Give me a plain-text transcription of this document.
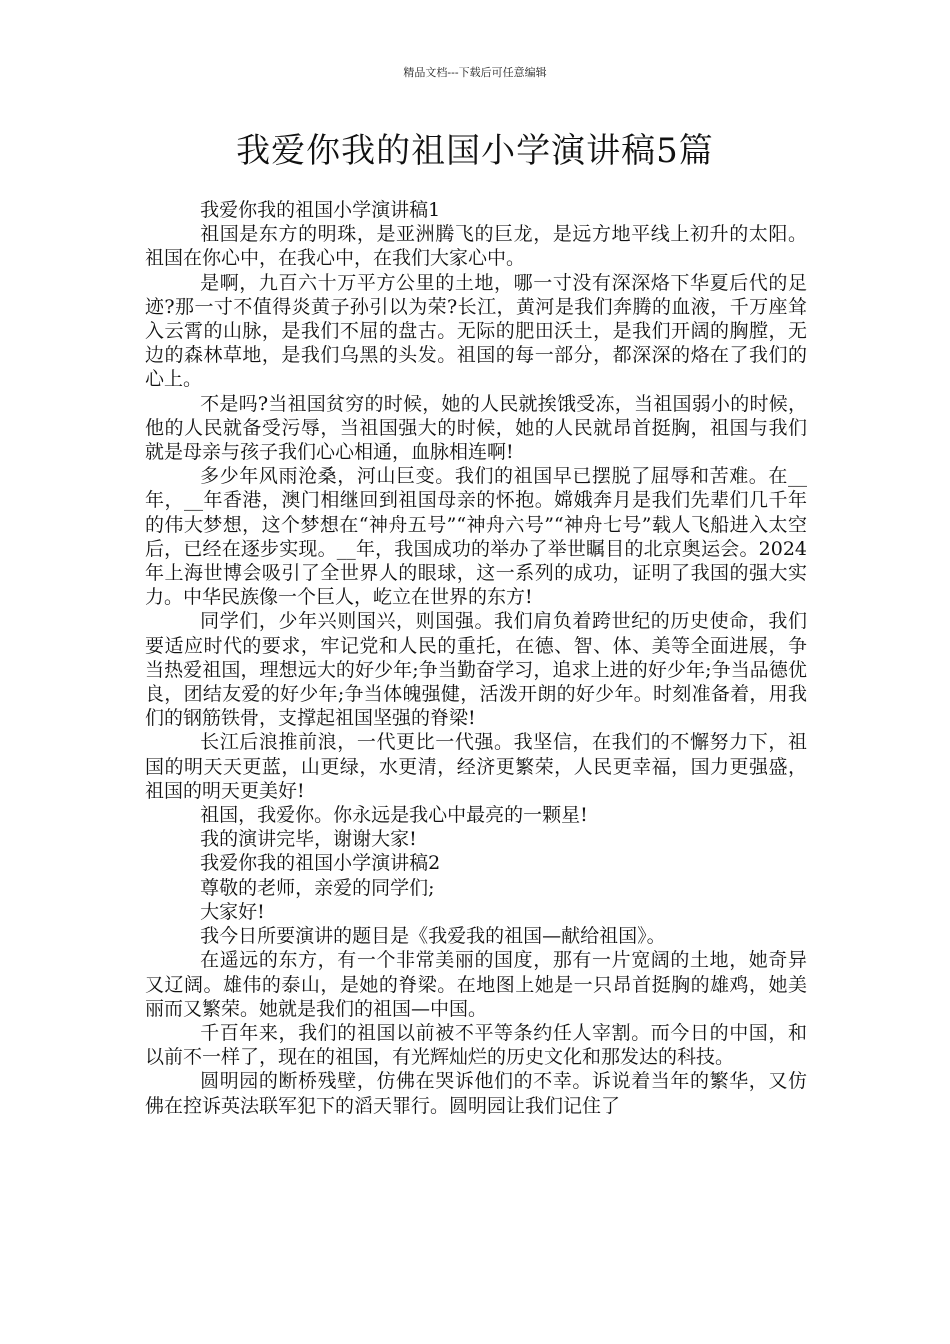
精品文档---下载后可任意编辑
我爱你我的祖国小学演讲稿5篇

我爱你我的祖国小学演讲稿1

祖国是东方的明珠，是亚洲腾飞的巨龙，是远方地平线上初升的太阳。祖国在你心中，在我心中，在我们大家心中。

是啊，九百六十万平方公里的土地，哪一寸没有深深烙下华夏后代的足迹?那一寸不值得炎黄子孙引以为荣?长江，黄河是我们奔腾的血液，千万座耸入云霄的山脉，是我们不屈的盘古。无际的肥田沃土，是我们开阔的胸膛，无边的森林草地，是我们乌黑的头发。祖国的每一部分，都深深的烙在了我们的心上。

不是吗?当祖国贫穷的时候，她的人民就挨饿受冻，当祖国弱小的时候，他的人民就备受污辱，当祖国强大的时候，她的人民就昂首挺胸，祖国与我们就是母亲与孩子我们心心相通，血脉相连啊!

多少年风雨沧桑，河山巨变。我们的祖国早已摆脱了屈辱和苦难。在__年，__年香港，澳门相继回到祖国母亲的怀抱。嫦娥奔月是我们先辈们几千年的伟大梦想，这个梦想在“神舟五号”“神舟六号”“神舟七号”载人飞船进入太空后，已经在逐步实现。__年，我国成功的举办了举世瞩目的北京奥运会。2024年上海世博会吸引了全世界人的眼球，这一系列的成功，证明了我国的强大实力。中华民族像一个巨人，屹立在世界的东方!

同学们，少年兴则国兴，则国强。我们肩负着跨世纪的历史使命，我们要适应时代的要求，牢记党和人民的重托，在德、智、体、美等全面进展，争当热爱祖国，理想远大的好少年;争当勤奋学习，追求上进的好少年;争当品德优良，团结友爱的好少年;争当体魄强健，活泼开朗的好少年。时刻准备着，用我们的钢筋铁骨，支撑起祖国坚强的脊梁!

长江后浪推前浪，一代更比一代强。我坚信，在我们的不懈努力下，祖国的明天天更蓝，山更绿，水更清，经济更繁荣，人民更幸福，国力更强盛，祖国的明天更美好!

祖国，我爱你。你永远是我心中最亮的一颗星!

我的演讲完毕，谢谢大家!

我爱你我的祖国小学演讲稿2

尊敬的老师，亲爱的同学们;

大家好!

我今日所要演讲的题目是《我爱我的祖国—献给祖国》。

在遥远的东方，有一个非常美丽的国度，那有一片宽阔的土地，她奇异又辽阔。雄伟的泰山，是她的脊梁。在地图上她是一只昂首挺胸的雄鸡，她美丽而又繁荣。她就是我们的祖国—中国。

千百年来，我们的祖国以前被不平等条约任人宰割。而今日的中国，和以前不一样了，现在的祖国，有光辉灿烂的历史文化和那发达的科技。

圆明园的断桥残壁，仿佛在哭诉他们的不幸。诉说着当年的繁华，又仿佛在控诉英法联军犯下的滔天罪行。圆明园让我们记住了
